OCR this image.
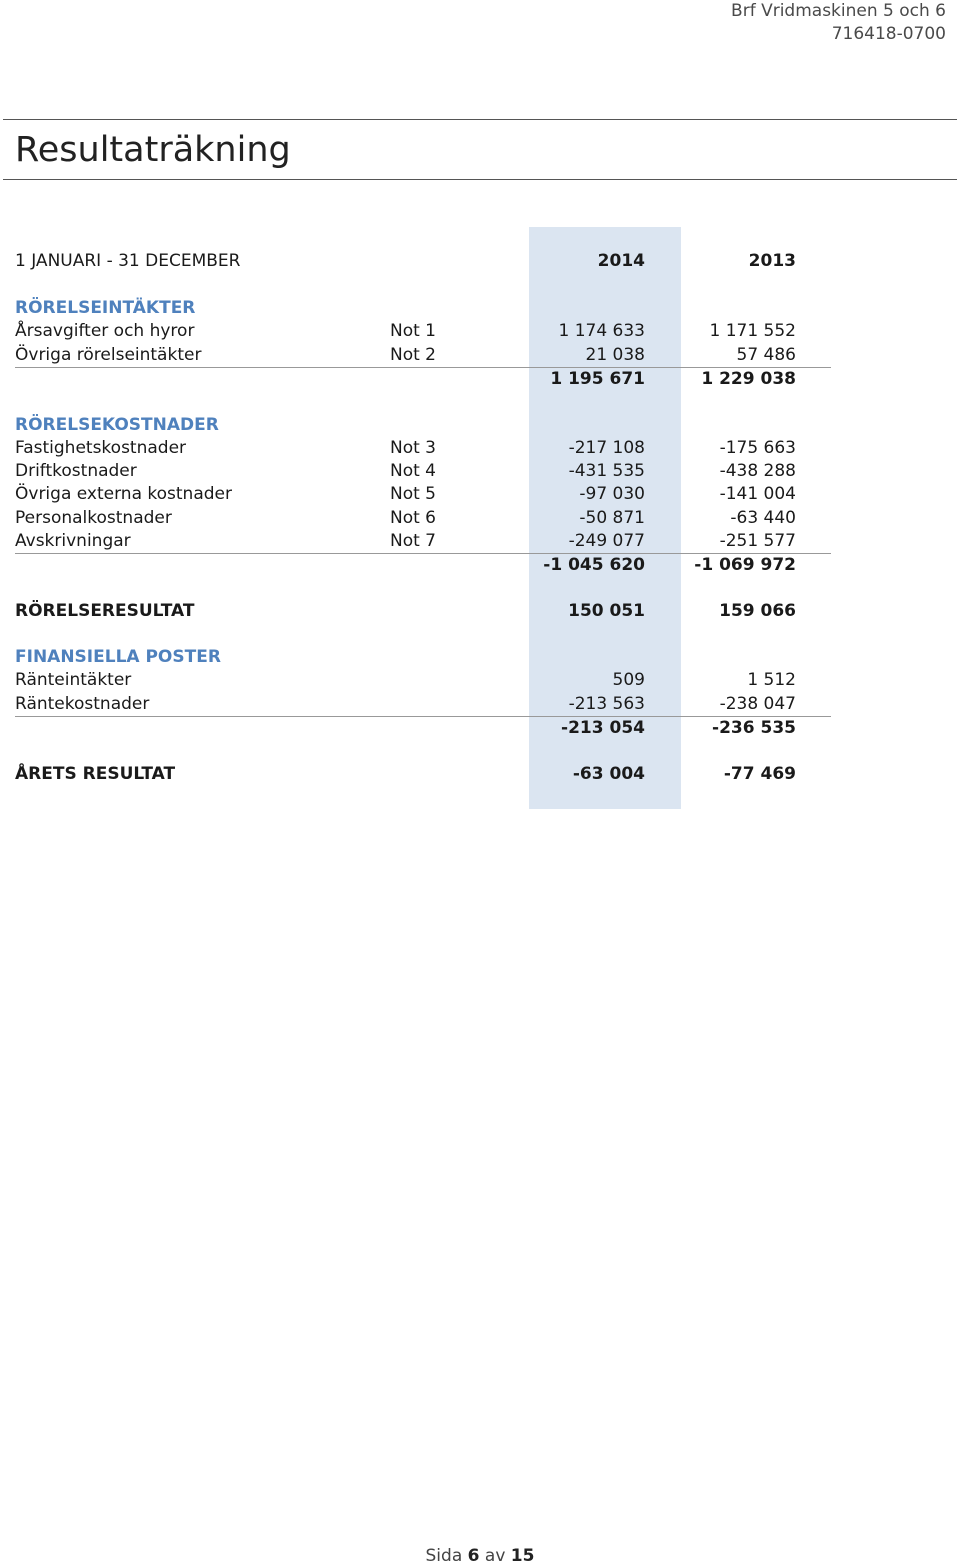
Brf Vridmaskinen 5 och 6
716418-0700
Resultaträkning
1 JANUARI - 31 DECEMBER	2014	2013
RÖRELSEINTÄKTER
Årsavgifter och hyror	Not 1	1 174 633	1 171 552
Övriga rörelseintäkter	Not 2	21 038	57 486
1 195 671	1 229 038
RÖRELSEKOSTNADER
Fastighetskostnader	Not 3	-217 108	-175 663
Driftkostnader	Not 4	-431 535	-438 288
Övriga externa kostnader	Not 5	-97 030	-141 004
Personalkostnader	Not 6	-50 871	-63 440
Avskrivningar	Not 7	-249 077	-251 577
-1 045 620	-1 069 972
RÖRELSERESULTAT	150 051	159 066
FINANSIELLA POSTER
Ränteintäkter	509	1 512
Räntekostnader	-213 563	-238 047
-213 054	-236 535
ÅRETS RESULTAT	-63 004	-77 469
Sida 6 av 15
